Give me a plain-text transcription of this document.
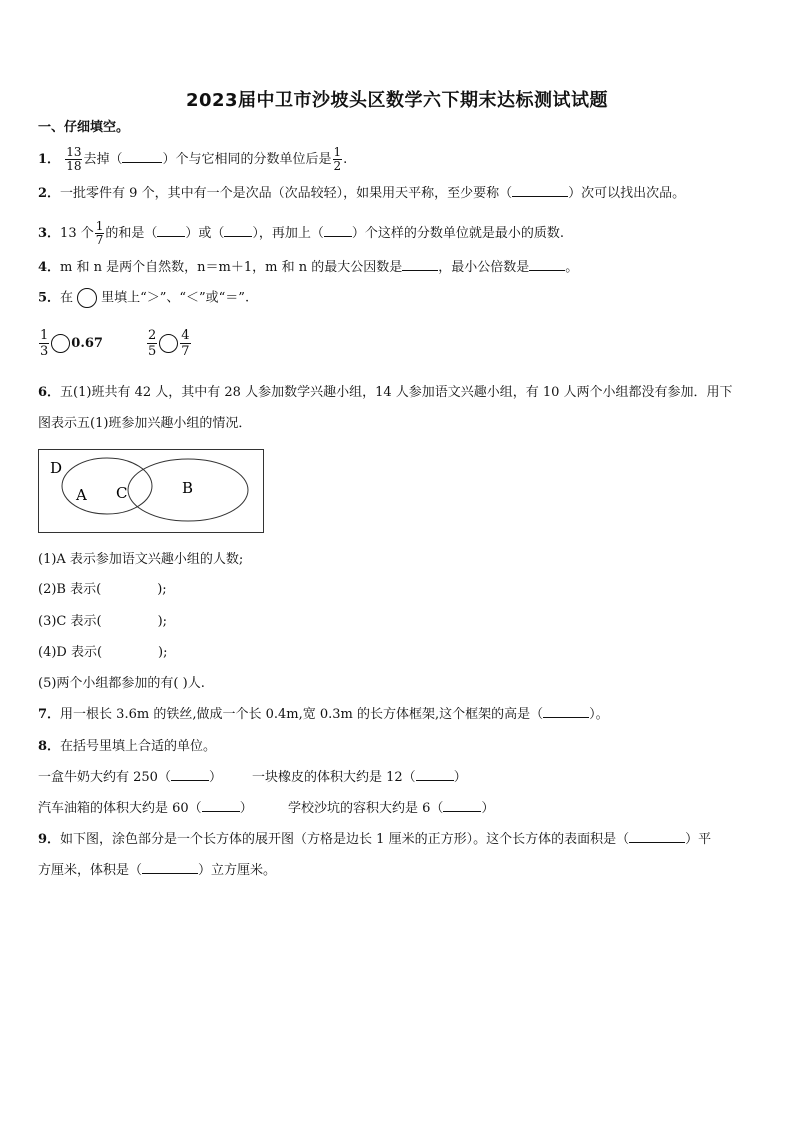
2023届中卫市沙坡头区数学六下期末达标测试试题
一、仔细填空。
1． $\frac{13}{18}$ 去掉（	）个与它相同的分数单位后是 $\frac{1}{2}$ .
2．一批零件有 9 个，其中有一个是次品（次品较轻），如果用天平称，至少要称（	）次可以找出次品。
3．13 个 $\frac{1}{7}$ 的和是（ ）或（ ），再加上（ ）个这样的分数单位就是最小的质数.
4．m 和 n 是两个自然数，n＝m＋1，m 和 n 的最大公因数是	，最小公倍数是	。
5．在 里填上“＞”、“＜”或“＝”.
$\frac{1}{3} 0.67$	$\frac{2}{5} \frac{4}{7}$
6．五(1)班共有 42 人，其中有 28 人参加数学兴趣小组，14 人参加语文兴趣小组，有 10 人两个小组都没有参加．用下
图表示五(1)班参加兴趣小组的情况．
D
A C	B
(1)A 表示参加语文兴趣小组的人数;
(2)B 表示(	);
(3)C 表示(	);
(4)D 表示(	);
(5)两个小组都参加的有( )人.
7．用一根长 3.6m 的铁丝,做成一个长 0.4m,宽 0.3m 的长方体框架,这个框架的高是（	）。
8．在括号里填上合适的单位。
一盒牛奶大约有 250（	） 一块橡皮的体积大约是 12（	）
汽车油箱的体积大约是 60（	）	学校沙坑的容积大约是 6（	）
9．如下图，涂色部分是一个长方体的展开图（方格是边长 1 厘米的正方形）。这个长方体的表面积是（	）平
方厘米，体积是（	）立方厘米。
